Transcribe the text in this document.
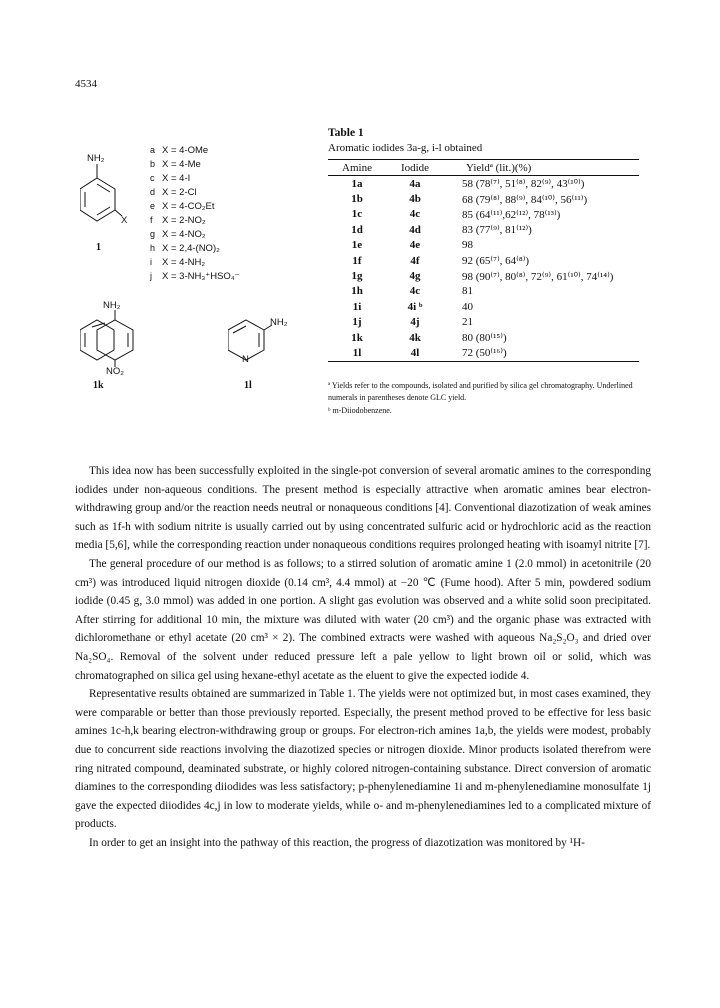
4534
NH₂
X
1
a X = 4-OMe
b X = 4-Me
c X = 4-I
d X = 2-Cl
e X = 4-CO₂Et
f X = 2-NO₂
g X = 4-NO₂
h X = 2,4-(NO)₂
i X = 4-NH₂
j X = 3-NH₃⁺HSO₄⁻
NH₂
NO₂
1k
NH₂
N
1l
Table 1
Aromatic iodides 3a-g, i-l obtained
Amine	Iodide	Yieldª (lit.)(%)
1a	4a	58 (78⁽⁷⁾, 51⁽⁸⁾, 82⁽⁹⁾, 43⁽¹⁰⁾)
1b	4b	68 (79⁽⁸⁾, 88⁽⁹⁾, 84⁽¹⁰⁾, 56⁽¹¹⁾)
1c	4c	85 (64⁽¹¹⁾,62⁽¹²⁾, 78⁽¹³⁾)
1d	4d	83 (77⁽⁹⁾, 81⁽¹²⁾)
1e	4e	98
1f	4f	92 (65⁽⁷⁾, 64⁽⁸⁾)
1g	4g	98 (90⁽⁷⁾, 80⁽⁸⁾, 72⁽⁹⁾, 61⁽¹⁰⁾, 74⁽¹⁴⁾)
1h	4c	81
1i	4i ᵇ	40
1j	4j	21
1k	4k	80 (80⁽¹⁵⁾)
1l	4l	72 (50⁽¹⁶⁾)
ª Yields refer to the compounds, isolated and purified by silica gel chromatography. Underlined numerals in parentheses denote GLC yield.
ᵇ m-Diiodobenzene.

This idea now has been successfully exploited in the single-pot conversion of several aromatic amines to the corresponding iodides under non-aqueous conditions. The present method is especially attractive when aromatic amines bear electron-withdrawing group and/or the reaction needs neutral or nonaqueous conditions [4]. Conventional diazotization of weak amines such as 1f-h with sodium nitrite is usually carried out by using concentrated sulfuric acid or hydrochloric acid as the reaction media [5,6], while the corresponding reaction under nonaqueous conditions requires prolonged heating with isoamyl nitrite [7].

The general procedure of our method is as follows; to a stirred solution of aromatic amine 1 (2.0 mmol) in acetonitrile (20 cm³) was introduced liquid nitrogen dioxide (0.14 cm³, 4.4 mmol) at −20 ℃ (Fume hood). After 5 min, powdered sodium iodide (0.45 g, 3.0 mmol) was added in one portion. A slight gas evolution was observed and a white solid soon precipitated. After stirring for additional 10 min, the mixture was diluted with water (20 cm³) and the organic phase was extracted with dichloromethane or ethyl acetate (20 cm³ × 2). The combined extracts were washed with aqueous Na₂S₂O₃ and dried over Na₂SO₄. Removal of the solvent under reduced pressure left a pale yellow to light brown oil or solid, which was chromatographed on silica gel using hexane-ethyl acetate as the eluent to give the expected iodide 4.

Representative results obtained are summarized in Table 1. The yields were not optimized but, in most cases examined, they were comparable or better than those previously reported. Especially, the present method proved to be effective for less basic amines 1c-h,k bearing electron-withdrawing group or groups. For electron-rich amines 1a,b, the yields were modest, probably due to concurrent side reactions involving the diazotized species or nitrogen dioxide. Minor products isolated therefrom were ring nitrated compound, deaminated substrate, or highly colored nitrogen-containing substance. Direct conversion of aromatic diamines to the corresponding diiodides was less satisfactory; p-phenylenediamine 1i and m-phenylenediamine monosulfate 1j gave the expected diiodides 4c,j in low to moderate yields, while o- and m-phenylenediamines led to a complicated mixture of products.

In order to get an insight into the pathway of this reaction, the progress of diazotization was monitored by ¹H-
